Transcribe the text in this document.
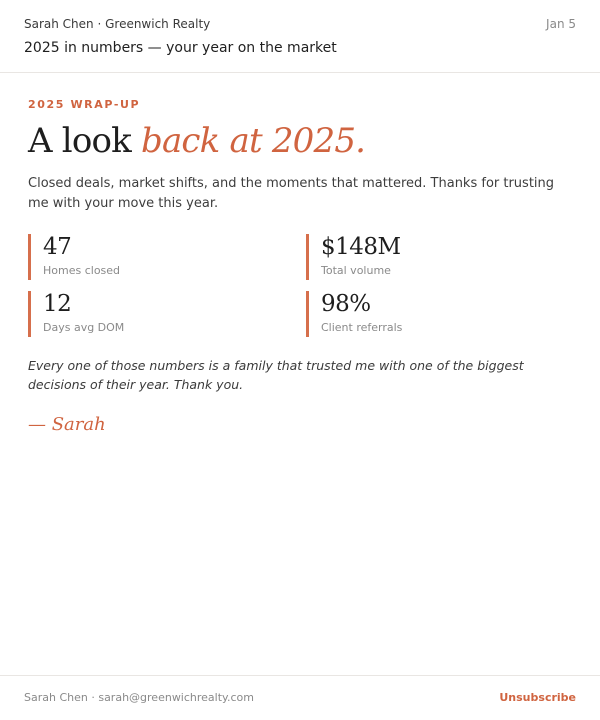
Sarah Chen · Greenwich Realty	Jan 5
2025 in numbers — your year on the market
2025 WRAP-UP
A look back at 2025.

Closed deals, market shifts, and the moments that mattered. Thanks for trusting me with your move this year.

47
Homes closed
$148M
Total volume
12
Days avg DOM
98%
Client referrals

Every one of those numbers is a family that trusted me with one of the biggest decisions of their year. Thank you.

— Sarah
Sarah Chen · sarah@greenwichrealty.com	Unsubscribe
